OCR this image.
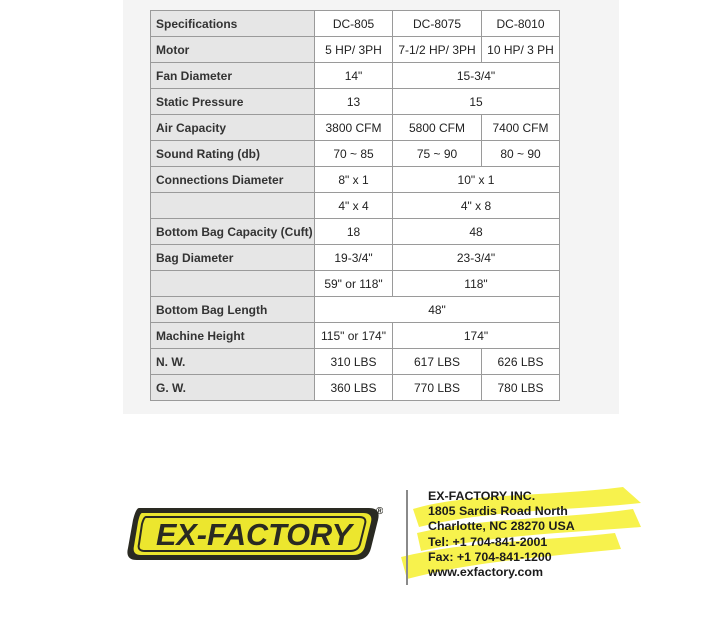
Specifications	DC-805	DC-8075	DC-8010
Motor	5 HP/ 3PH	7-1/2 HP/ 3PH	10 HP/ 3 PH
Fan Diameter	14"	15-3/4"	
Static Pressure	13	15	
Air Capacity	3800 CFM	5800 CFM	7400 CFM
Sound Rating (db)	70 ~ 85	75 ~ 90	80 ~ 90
Connections Diameter	8" x 1	10" x 1	
	4" x 4	4" x 8	
Bottom Bag Capacity (Cuft)	18	48	
Bag Diameter	19-3/4"	23-3/4"	
	59" or 118"	118"	
Bottom Bag Length	48"		
Machine Height	115" or 174"	174"	
N. W.	310 LBS	617 LBS	626 LBS
G. W.	360 LBS	770 LBS	780 LBS
EX-FACTORY
®
EX-FACTORY INC.
1805 Sardis Road North
Charlotte, NC 28270 USA
Tel: +1 704-841-2001
Fax: +1 704-841-1200
www.exfactory.com
